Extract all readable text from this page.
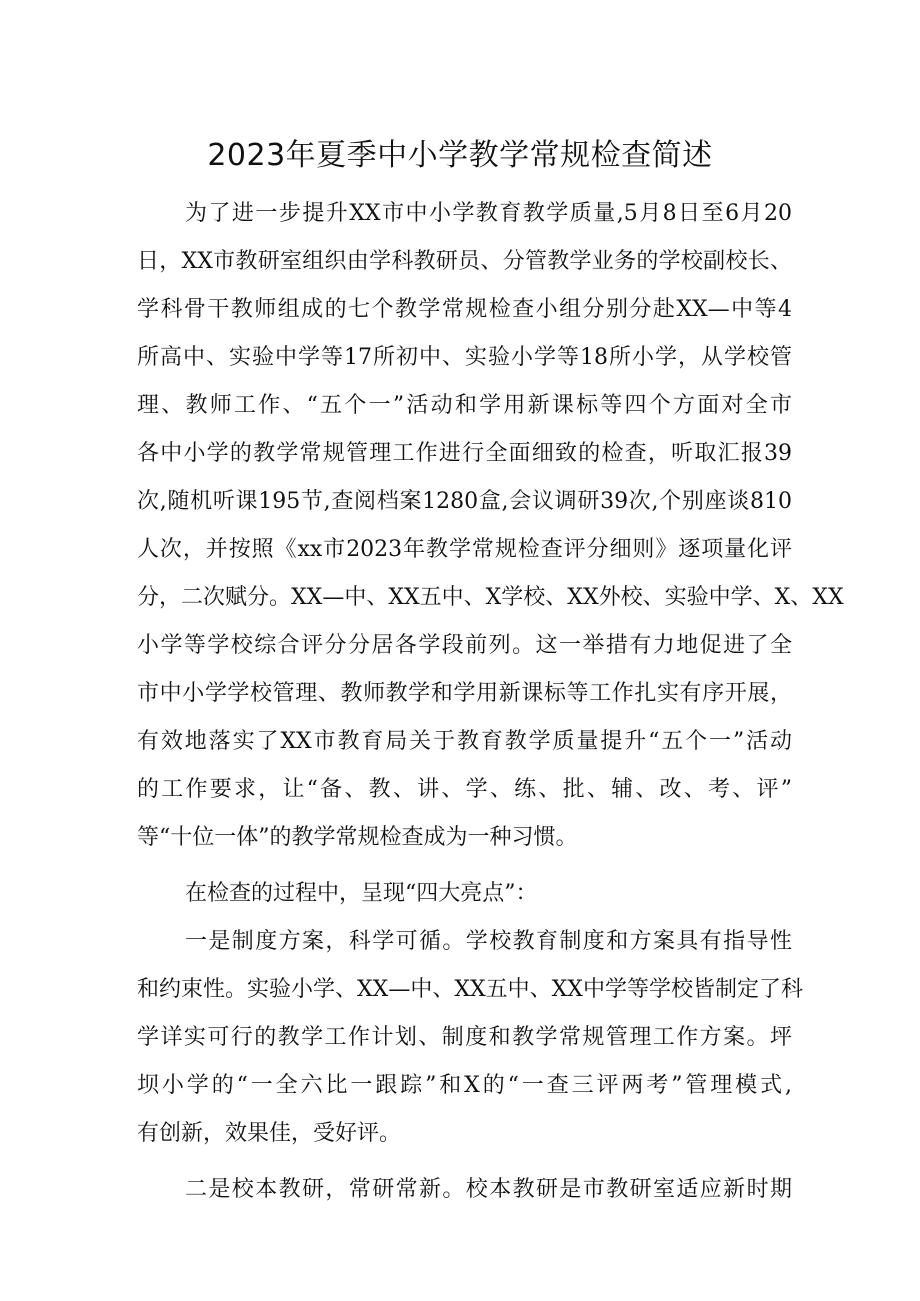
2023年夏季中小学教学常规检查简述
为了进一步提升XX市中小学教育教学质量,5月8日至6月20
日，XX市教研室组织由学科教研员、分管教学业务的学校副校长、
学科骨干教师组成的七个教学常规检查小组分别分赴XX—中等4
所高中、实验中学等17所初中、实验小学等18所小学，从学校管
理、教师工作、“五个一”活动和学用新课标等四个方面对全市
各中小学的教学常规管理工作进行全面细致的检查，听取汇报39
次,随机听课195节,查阅档案1280盒,会议调研39次,个别座谈810
人次，并按照《xx市2023年教学常规检查评分细则》逐项量化评
分，二次赋分。XX—中、XX五中、X学校、XX外校、实验中学、X、XX
小学等学校综合评分分居各学段前列。这一举措有力地促进了全
市中小学学校管理、教师教学和学用新课标等工作扎实有序开展，
有效地落实了XX市教育局关于教育教学质量提升“五个一”活动
的工作要求，让“备、教、讲、学、练、批、辅、改、考、评”
等“十位一体”的教学常规检查成为一种习惯。
在检查的过程中，呈现“四大亮点”：
一是制度方案，科学可循。学校教育制度和方案具有指导性
和约束性。实验小学、XX—中、XX五中、XX中学等学校皆制定了科
学详实可行的教学工作计划、制度和教学常规管理工作方案。坪
坝小学的“一全六比一跟踪”和X的“一查三评两考”管理模式,
有创新，效果佳，受好评。
二是校本教研，常研常新。校本教研是市教研室适应新时期
